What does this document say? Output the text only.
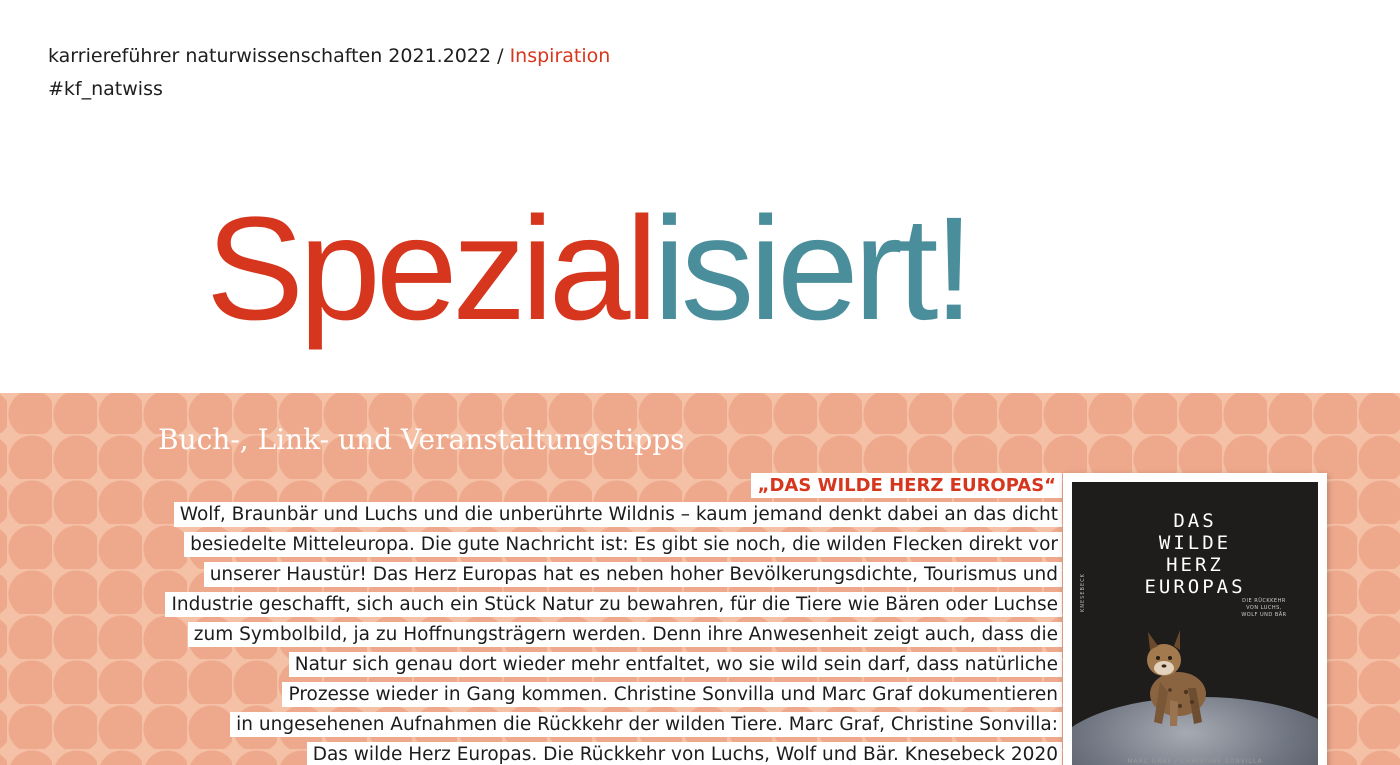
karriereführer naturwissenschaften 2021.2022 / Inspiration
#kf_natwiss
Spezialisiert!
Buch-, Link- und Veranstaltungstipps
„DAS WILDE HERZ EUROPAS“
Wolf, Braunbär und Luchs und die unberührte Wildnis – kaum jemand denkt dabei an das dicht
besiedelte Mitteleuropa. Die gute Nachricht ist: Es gibt sie noch, die wilden Flecken direkt vor
unserer Haustür! Das Herz Europas hat es neben hoher Bevölkerungsdichte, Tourismus und
Industrie geschafft, sich auch ein Stück Natur zu bewahren, für die Tiere wie Bären oder Luchse
zum Symbolbild, ja zu Hoffnungsträgern werden. Denn ihre Anwesenheit zeigt auch, dass die
Natur sich genau dort wieder mehr entfaltet, wo sie wild sein darf, dass natürliche
Prozesse wieder in Gang kommen. Christine Sonvilla und Marc Graf dokumentieren
in ungesehenen Aufnahmen die Rückkehr der wilden Tiere. Marc Graf, Christine Sonvilla:
Das wilde Herz Europas. Die Rückkehr von Luchs, Wolf und Bär. Knesebeck 2020
DAS
WILDE
HERZ
EUROPAS
DIE RÜCKKEHR
VON LUCHS,
WOLF UND BÄR
KNESEBECK
MARC GRAF / CHRISTINE SONVILLA
